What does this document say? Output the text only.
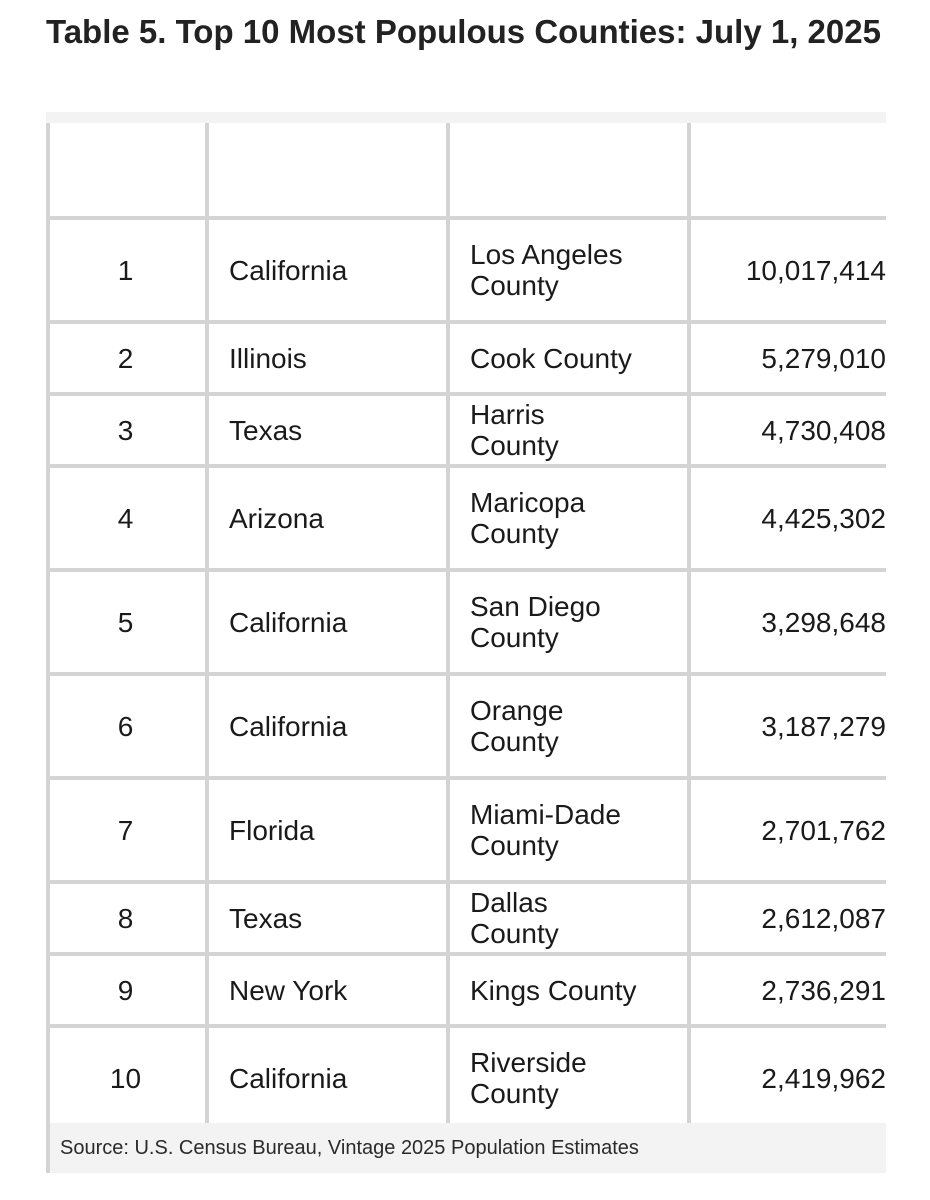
Table 5. Top 10 Most Populous Counties: July 1, 2025
1	California	Los Angeles County	10,017,414
2	Illinois	Cook County	5,279,010
3	Texas	Harris County	4,730,408
4	Arizona	Maricopa County	4,425,302
5	California	San Diego County	3,298,648
6	California	Orange County	3,187,279
7	Florida	Miami-Dade County	2,701,762
8	Texas	Dallas County	2,612,087
9	New York	Kings County	2,736,291
10	California	Riverside County	2,419,962
Source: U.S. Census Bureau, Vintage 2025 Population Estimates
